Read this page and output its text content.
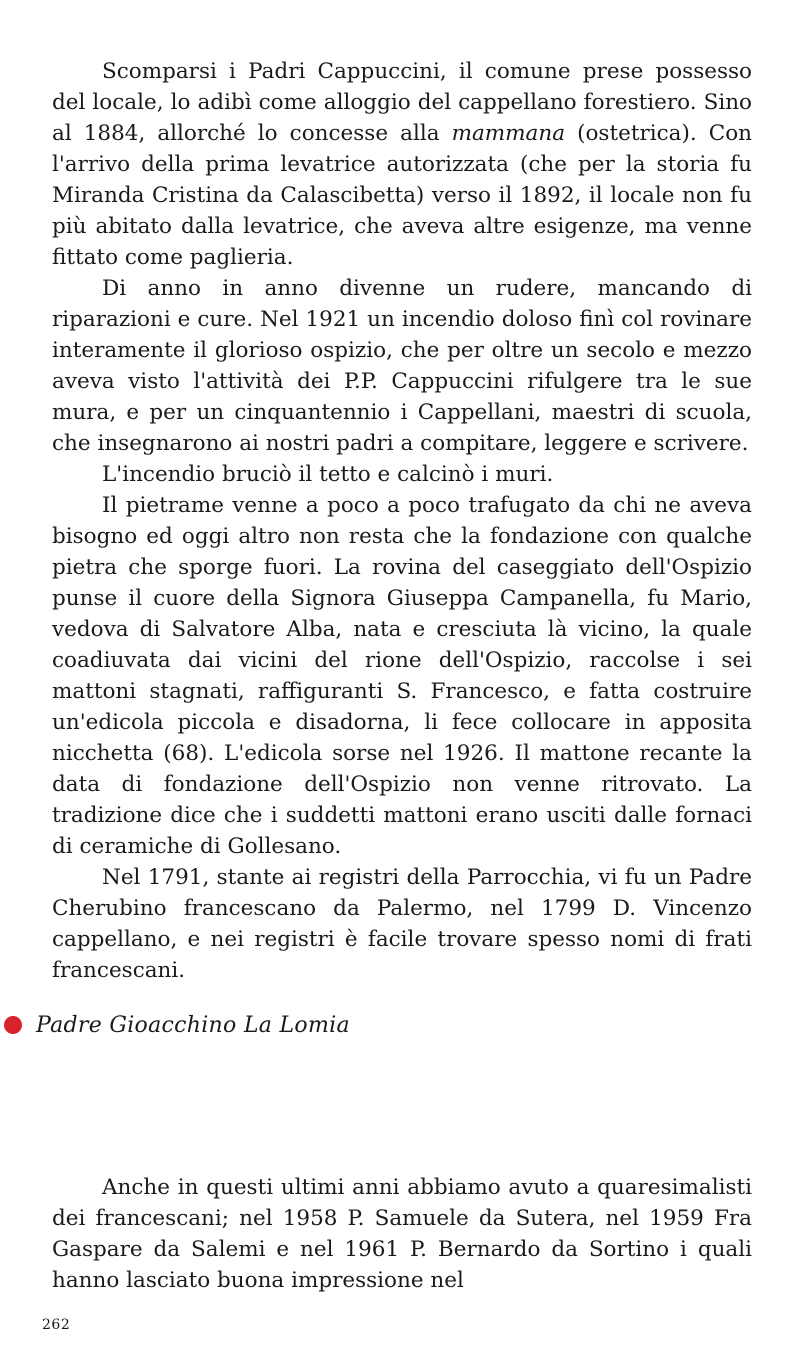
Scomparsi i Padri Cappuccini, il comune prese possesso del locale, lo adibì come alloggio del cappellano forestiero. Sino al 1884, allorché lo concesse alla mammana (ostetrica). Con l'arrivo della prima levatrice autorizzata (che per la storia fu Miranda Cristina da Calascibetta) verso il 1892, il locale non fu più abitato dalla levatrice, che aveva altre esigenze, ma venne fittato come paglieria.

Di anno in anno divenne un rudere, mancando di riparazioni e cure. Nel 1921 un incendio doloso finì col rovinare interamente il glorioso ospizio, che per oltre un secolo e mezzo aveva visto l'attività dei P.P. Cappuccini rifulgere tra le sue mura, e per un cinquantennio i Cappellani, maestri di scuola, che insegnarono ai nostri padri a compitare, leggere e scrivere.

L'incendio bruciò il tetto e calcinò i muri.

Il pietrame venne a poco a poco trafugato da chi ne aveva bisogno ed oggi altro non resta che la fondazione con qualche pietra che sporge fuori. La rovina del caseggiato dell'Ospizio punse il cuore della Signora Giuseppa Campanella, fu Mario, vedova di Salvatore Alba, nata e cresciuta là vicino, la quale coadiuvata dai vicini del rione dell'Ospizio, raccolse i sei mattoni stagnati, raffiguranti S. Francesco, e fatta costruire un'edicola piccola e disadorna, li fece collocare in apposita nicchetta (68). L'edicola sorse nel 1926. Il mattone recante la data di fondazione dell'Ospizio non venne ritrovato. La tradizione dice che i suddetti mattoni erano usciti dalle fornaci di ceramiche di Gollesano.

Nel 1791, stante ai registri della Parrocchia, vi fu un Padre Cherubino francescano da Palermo, nel 1799 D. Vincenzo cappellano, e nei registri è facile trovare spesso nomi di frati francescani.

Padre Gioacchino La Lomia

Anche in questi ultimi anni abbiamo avuto a quaresimalisti dei francescani; nel 1958 P. Samuele da Sutera, nel 1959 Fra Gaspare da Salemi e nel 1961 P. Bernardo da Sortino i quali hanno lasciato buona impressione nel

262
